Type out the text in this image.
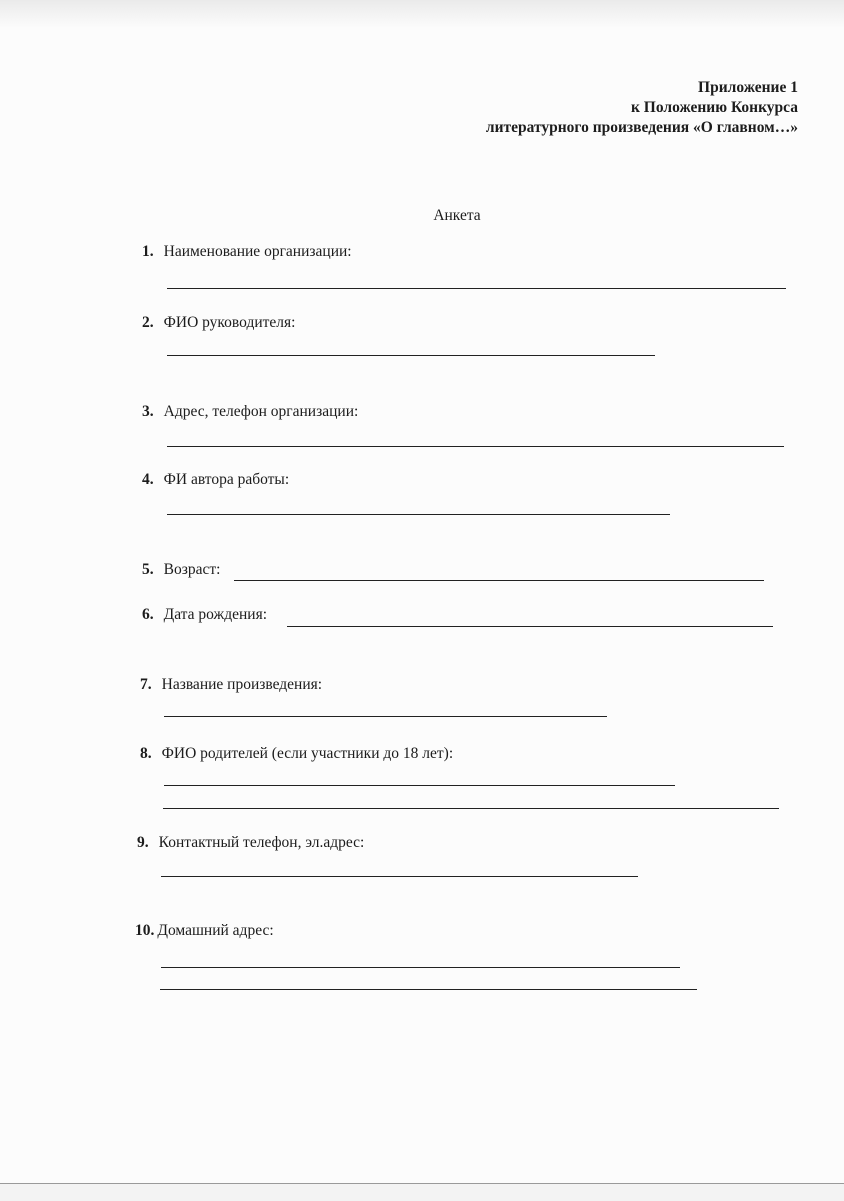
Приложение 1
к Положению Конкурса
литературного произведения «О главном…»
Анкета
1. Наименование организации:
2. ФИО руководителя:
3. Адрес, телефон организации:
4. ФИ автора работы:
5. Возраст:
6. Дата рождения:
7. Название произведения:
8. ФИО родителей (если участники до 18 лет):
9. Контактный телефон, эл.адрес:
10. Домашний адрес:
